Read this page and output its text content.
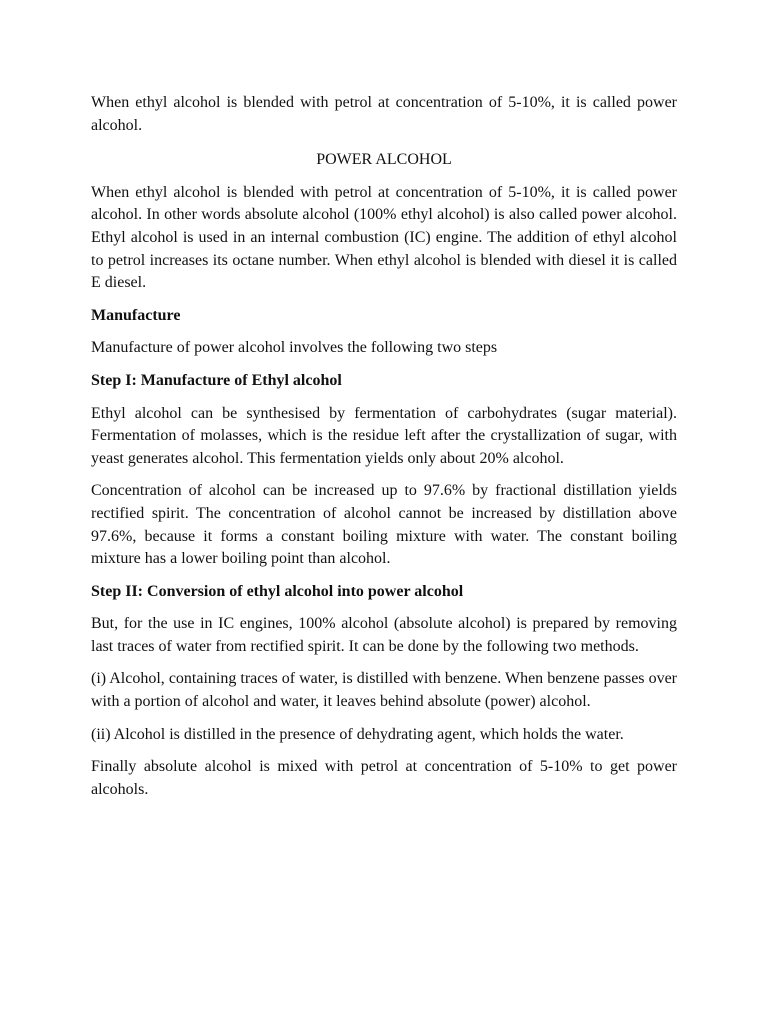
When ethyl alcohol is blended with petrol at concentration of 5-10%, it is called power alcohol.

POWER ALCOHOL

When ethyl alcohol is blended with petrol at concentration of 5-10%, it is called power alcohol. In other words absolute alcohol (100% ethyl alcohol) is also called power alcohol. Ethyl alcohol is used in an internal combustion (IC) engine. The addition of ethyl alcohol to petrol increases its octane number. When ethyl alcohol is blended with diesel it is called E diesel.

Manufacture

Manufacture of power alcohol involves the following two steps

Step I: Manufacture of Ethyl alcohol

Ethyl alcohol can be synthesised by fermentation of carbohydrates (sugar material). Fermentation of molasses, which is the residue left after the crystallization of sugar, with yeast generates alcohol. This fermentation yields only about 20% alcohol.

Concentration of alcohol can be increased up to 97.6% by fractional distillation yields rectified spirit. The concentration of alcohol cannot be increased by distillation above 97.6%, because it forms a constant boiling mixture with water. The constant boiling mixture has a lower boiling point than alcohol.

Step II: Conversion of ethyl alcohol into power alcohol

But, for the use in IC engines, 100% alcohol (absolute alcohol) is prepared by removing last traces of water from rectified spirit. It can be done by the following two methods.

(i) Alcohol, containing traces of water, is distilled with benzene. When benzene passes over with a portion of alcohol and water, it leaves behind absolute (power) alcohol.

(ii) Alcohol is distilled in the presence of dehydrating agent, which holds the water.

Finally absolute alcohol is mixed with petrol at concentration of 5-10% to get power alcohols.
